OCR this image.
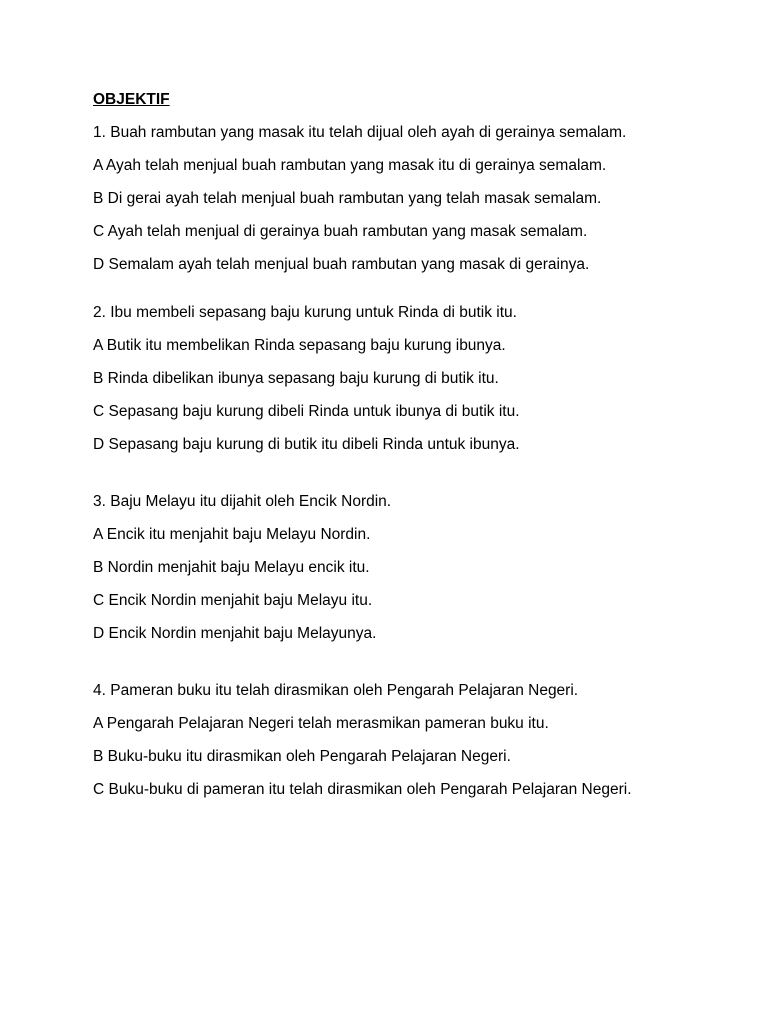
OBJEKTIF

1. Buah rambutan yang masak itu telah dijual oleh ayah di gerainya semalam.

A Ayah telah menjual buah rambutan yang masak itu di gerainya semalam.

B Di gerai ayah telah menjual buah rambutan yang telah masak semalam.

C Ayah telah menjual di gerainya buah rambutan yang masak semalam.

D Semalam ayah telah menjual buah rambutan yang masak di gerainya.

2. Ibu membeli sepasang baju kurung untuk Rinda di butik itu.

A Butik itu membelikan Rinda sepasang baju kurung ibunya.

B Rinda dibelikan ibunya sepasang baju kurung di butik itu.

C Sepasang baju kurung dibeli Rinda untuk ibunya di butik itu.

D Sepasang baju kurung di butik itu dibeli Rinda untuk ibunya.

3. Baju Melayu itu dijahit oleh Encik Nordin.

A Encik itu menjahit baju Melayu Nordin.

B Nordin menjahit baju Melayu encik itu.

C Encik Nordin menjahit baju Melayu itu.

D Encik Nordin menjahit baju Melayunya.

4. Pameran buku itu telah dirasmikan oleh Pengarah Pelajaran Negeri.

A Pengarah Pelajaran Negeri telah merasmikan pameran buku itu.

B Buku-buku itu dirasmikan oleh Pengarah Pelajaran Negeri.

C Buku-buku di pameran itu telah dirasmikan oleh Pengarah Pelajaran Negeri.
